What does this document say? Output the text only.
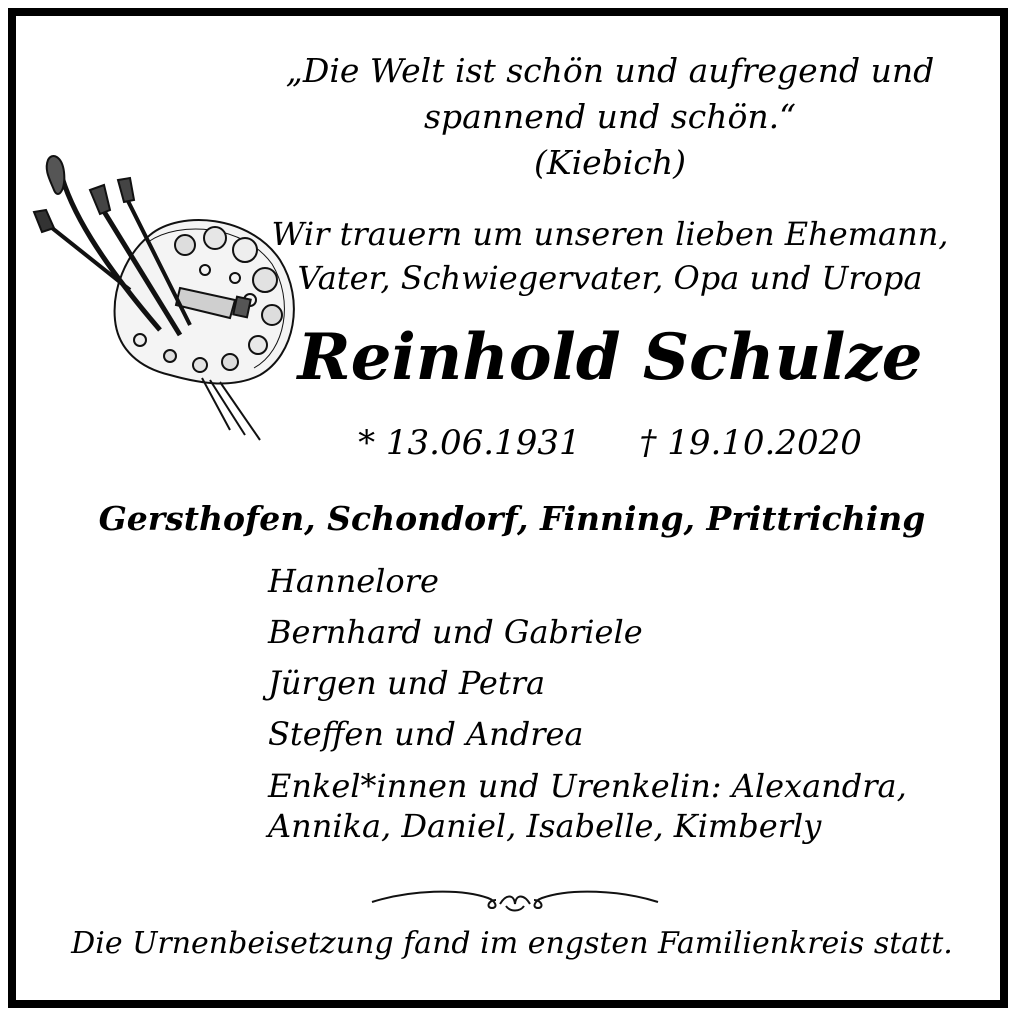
„Die Welt ist schön und aufregend und
spannend und schön.“
(Kiebich)
Wir trauern um unseren lieben Ehemann,
Vater, Schwiegervater, Opa und Uropa
Reinhold Schulze
* 13.06.1931 † 19.10.2020
Gersthofen, Schondorf, Finning, Prittriching
Hannelore
Bernhard und Gabriele
Jürgen und Petra
Steffen und Andrea
Enkel*innen und Urenkelin: Alexandra,
Annika, Daniel, Isabelle, Kimberly
Die Urnenbeisetzung fand im engsten Familienkreis statt.
